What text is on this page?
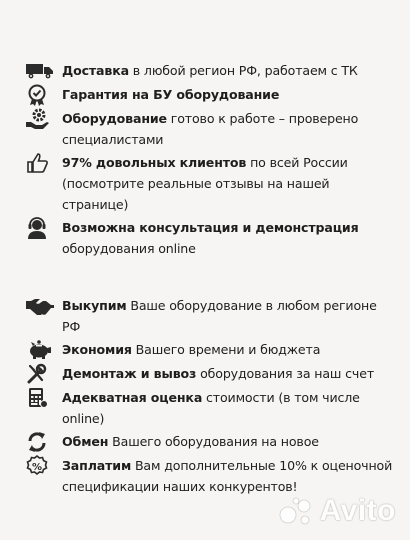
Доставка в любой регион РФ, работаем с ТК
Гарантия на БУ оборудование
Оборудование готово к работе – проверено специалистами
97% довольных клиентов по всей России (посмотрите реальные отзывы на нашей странице)
Возможна консультация и демонстрация оборудования online
Выкупим Ваше оборудование в любом регионе РФ
Экономия Вашего времени и бюджета
Демонтаж и вывоз оборудования за наш счет
Адекватная оценка стоимости (в том числе online)
Обмен Вашего оборудования на новое
% Заплатим Вам дополнительные 10% к оценочной спецификации наших конкурентов!
Avito
